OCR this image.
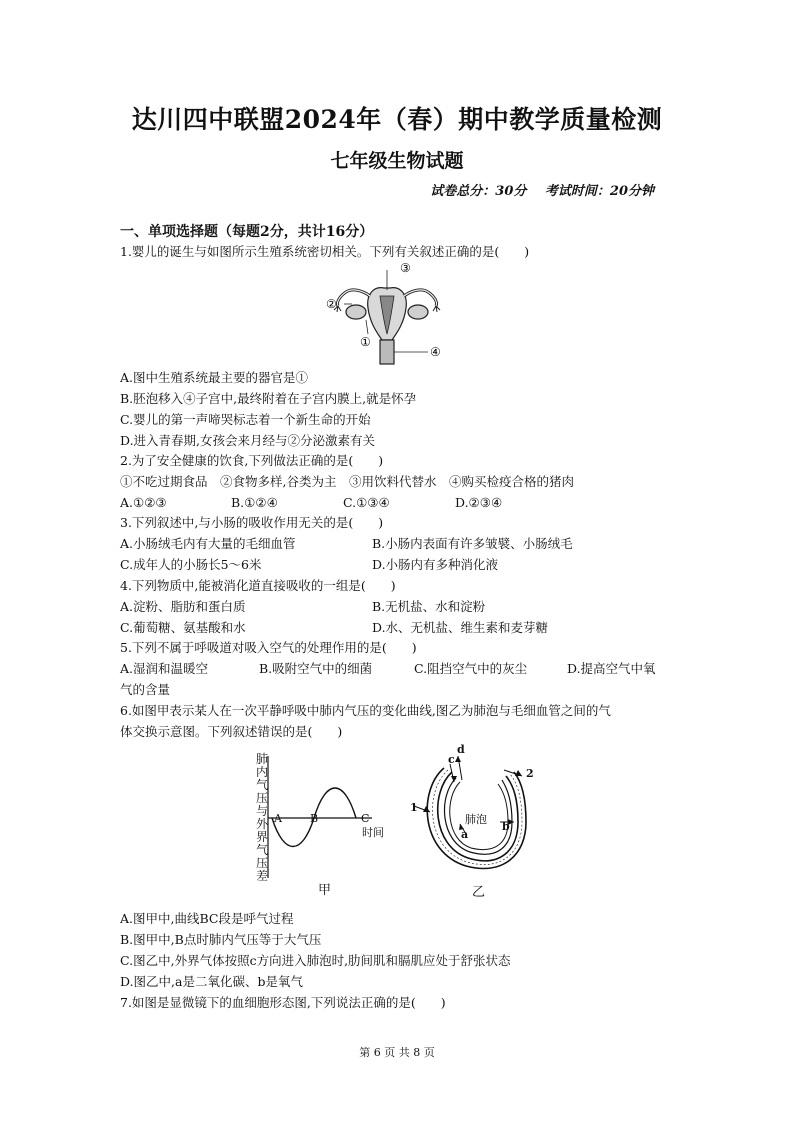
达川四中联盟2024年（春）期中教学质量检测
七年级生物试题
试卷总分：30分 考试时间：20分钟
一、单项选择题（每题2分，共计16分）
1.婴儿的诞生与如图所示生殖系统密切相关。下列有关叙述正确的是(　　)
②
③
①
④
A.图中生殖系统最主要的器官是①
B.胚泡移入④子宫中,最终附着在子宫内膜上,就是怀孕
C.婴儿的第一声啼哭标志着一个新生命的开始
D.进入青春期,女孩会来月经与②分泌激素有关
2.为了安全健康的饮食,下列做法正确的是(　　)
①不吃过期食品　②食物多样,谷类为主　③用饮料代替水　④购买检疫合格的猪肉
A.①②③	B.①②④	C.①③④	D.②③④
3.下列叙述中,与小肠的吸收作用无关的是(　　)
A.小肠绒毛内有大量的毛细血管	B.小肠内表面有许多皱襞、小肠绒毛
C.成年人的小肠长5～6米	D.小肠内有多种消化液
4.下列物质中,能被消化道直接吸收的一组是(　　)
A.淀粉、脂肪和蛋白质	B.无机盐、水和淀粉
C.葡萄糖、氨基酸和水	D.水、无机盐、维生素和麦芽糖
5.下列不属于呼吸道对吸入空气的处理作用的是(　　)
A.湿润和温暖空	B.吸附空气中的细菌	C.阻挡空气中的灰尘	D.提高空气中氧
气的含量
6.如图甲表示某人在一次平静呼吸中肺内气压的变化曲线,图乙为肺泡与毛细血管之间的气
体交换示意图。下列叙述错误的是(　　)
肺内气压与外界气压差
A	B	C
时间
甲
d
c
2
1
肺泡
b
a
乙
A.图甲中,曲线BC段是呼气过程
B.图甲中,B点时肺内气压等于大气压
C.图乙中,外界气体按照c方向进入肺泡时,肋间肌和膈肌应处于舒张状态
D.图乙中,a是二氧化碳、b是氧气
7.如图是显微镜下的血细胞形态图,下列说法正确的是(　　)
第 6 页 共 8 页
